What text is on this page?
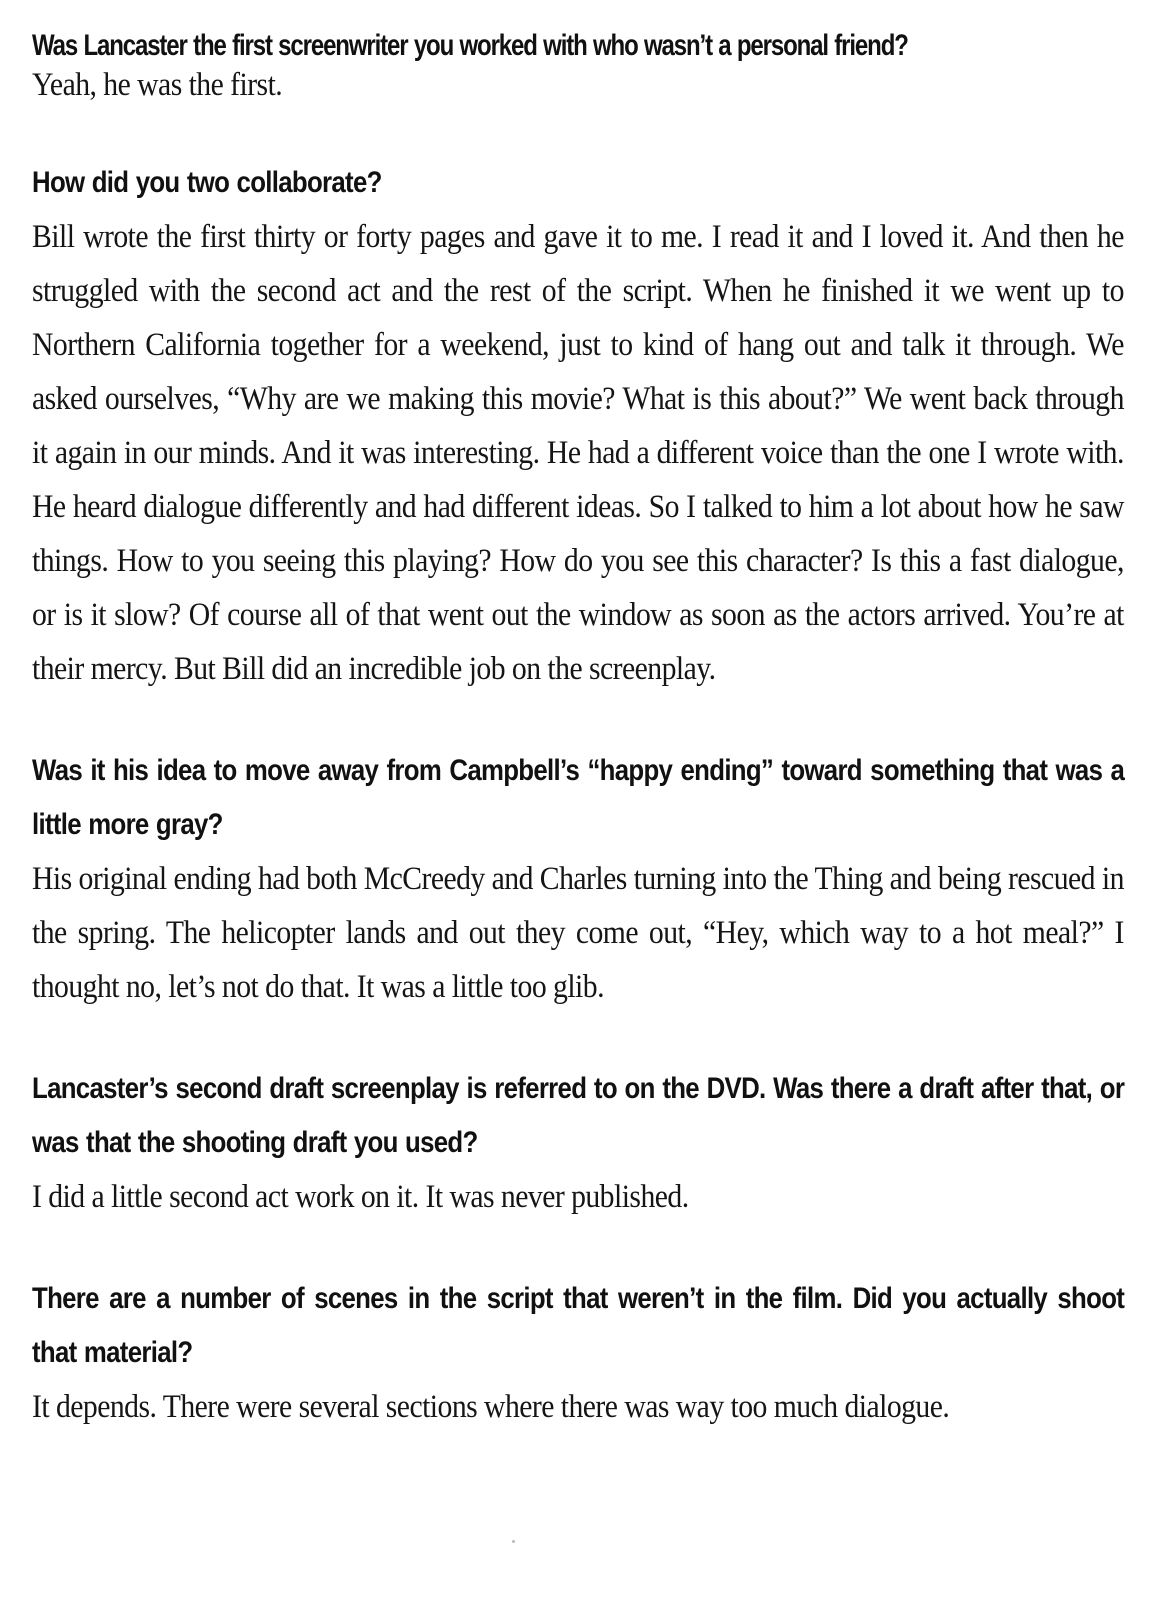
Was Lancaster the first screenwriter you worked with who wasn’t a personal friend?

Yeah, he was the first.

How did you two collaborate?

Bill wrote the first thirty or forty pages and gave it to me. I read it and I loved it. And then he struggled with the second act and the rest of the script. When he finished it we went up to Northern California together for a weekend, just to kind of hang out and talk it through. We asked ourselves, “Why are we making this movie? What is this about?” We went back through it again in our minds. And it was interesting. He had a different voice than the one I wrote with. He heard dialogue differently and had different ideas. So I talked to him a lot about how he saw things. How to you seeing this playing? How do you see this character? Is this a fast dialogue, or is it slow? Of course all of that went out the window as soon as the actors arrived. You’re at their mercy. But Bill did an incredible job on the screenplay.

Was it his idea to move away from Campbell’s “happy ending” toward something that was a little more gray?

His original ending had both McCreedy and Charles turning into the Thing and being rescued in the spring. The helicopter lands and out they come out, “Hey, which way to a hot meal?” I thought no, let’s not do that. It was a little too glib.

Lancaster’s second draft screenplay is referred to on the DVD. Was there a draft after that, or was that the shooting draft you used?

I did a little second act work on it. It was never published.

There are a number of scenes in the script that weren’t in the film. Did you actually shoot that material?

It depends. There were several sections where there was way too much dialogue.
